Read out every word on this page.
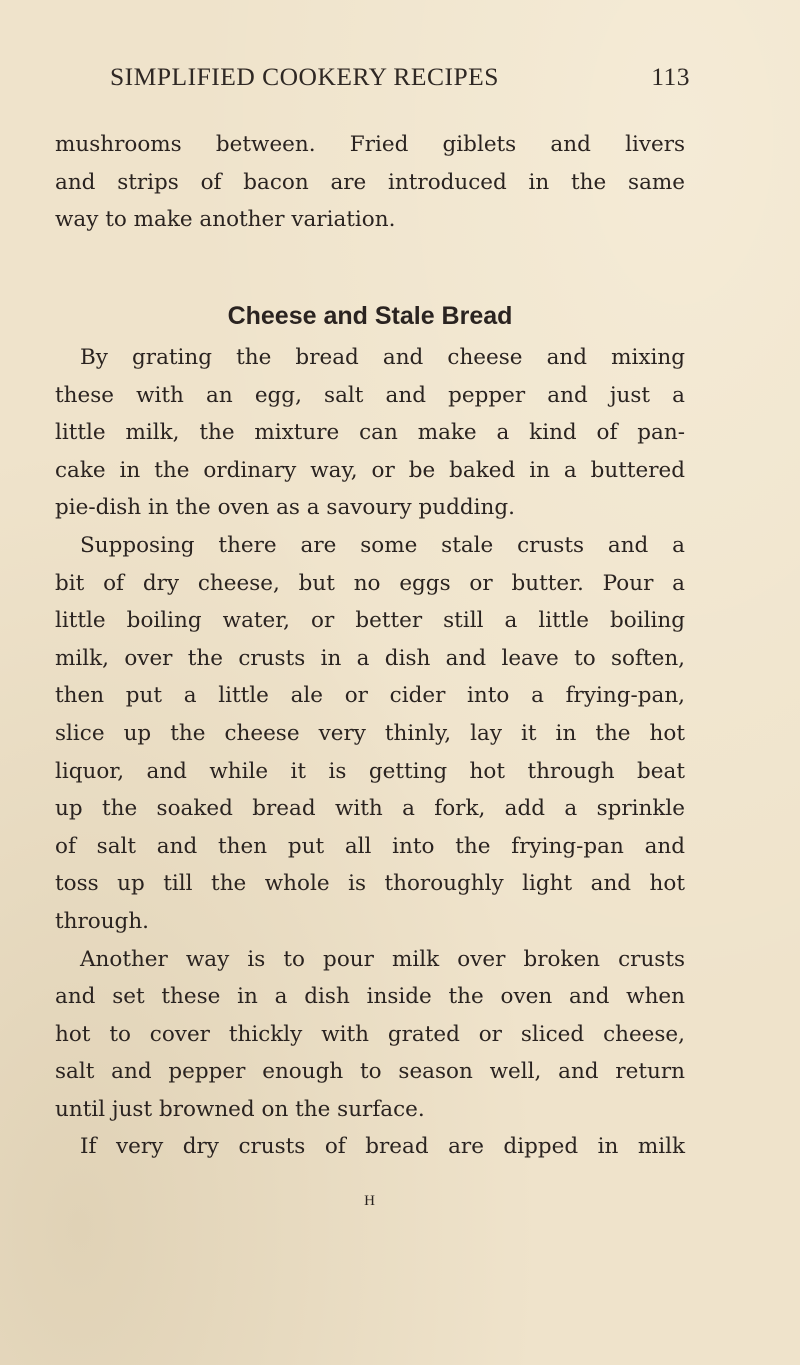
SIMPLIFIED COOKERY RECIPES	113
mushrooms between. Fried giblets and livers
and strips of bacon are introduced in the same
way to make another variation.
Cheese and Stale Bread
By grating the bread and cheese and mixing
these with an egg, salt and pepper and just a
little milk, the mixture can make a kind of pan-
cake in the ordinary way, or be baked in a buttered
pie-dish in the oven as a savoury pudding.
Supposing there are some stale crusts and a
bit of dry cheese, but no eggs or butter. Pour a
little boiling water, or better still a little boiling
milk, over the crusts in a dish and leave to soften,
then put a little ale or cider into a frying-pan,
slice up the cheese very thinly, lay it in the hot
liquor, and while it is getting hot through beat
up the soaked bread with a fork, add a sprinkle
of salt and then put all into the frying-pan and
toss up till the whole is thoroughly light and hot
through.
Another way is to pour milk over broken crusts
and set these in a dish inside the oven and when
hot to cover thickly with grated or sliced cheese,
salt and pepper enough to season well, and return
until just browned on the surface.
If very dry crusts of bread are dipped in milk
H
